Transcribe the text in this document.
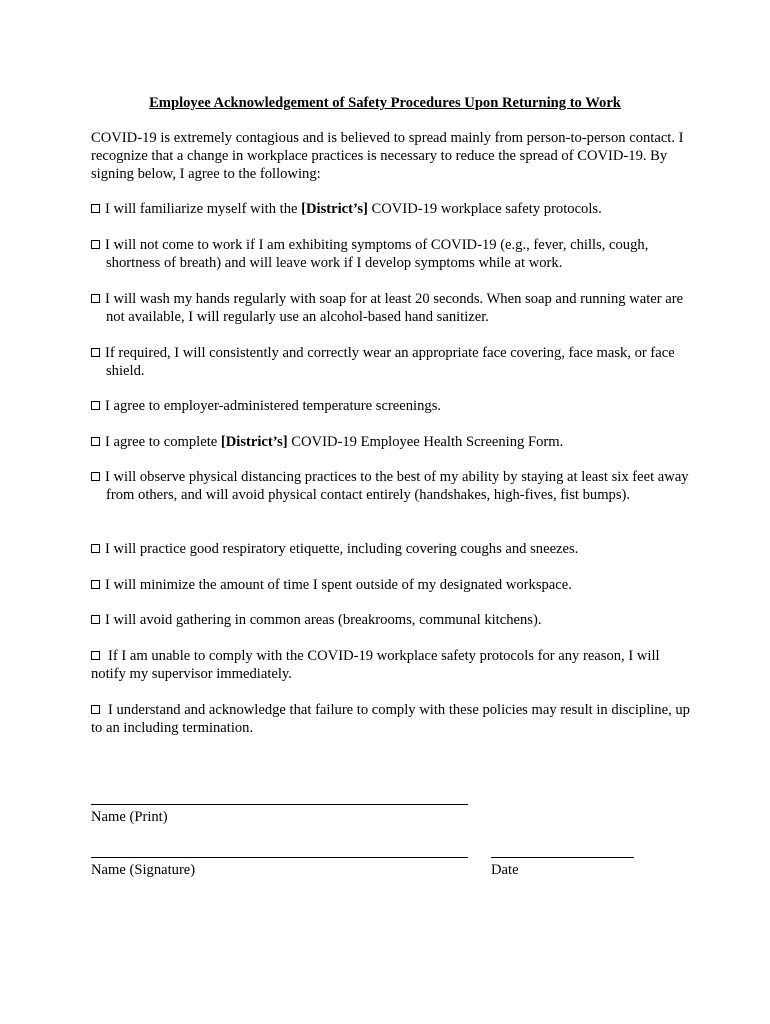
Employee Acknowledgement of Safety Procedures Upon Returning to Work
COVID-19 is extremely contagious and is believed to spread mainly from person-to-person contact. I recognize that a change in workplace practices is necessary to reduce the spread of COVID-19. By signing below, I agree to the following:
I will familiarize myself with the [District’s] COVID-19 workplace safety protocols.
I will not come to work if I am exhibiting symptoms of COVID-19 (e.g., fever, chills, cough, shortness of breath) and will leave work if I develop symptoms while at work.
I will wash my hands regularly with soap for at least 20 seconds. When soap and running water are not available, I will regularly use an alcohol-based hand sanitizer.
If required, I will consistently and correctly wear an appropriate face covering, face mask, or face shield.
I agree to employer-administered temperature screenings.
I agree to complete [District’s] COVID-19 Employee Health Screening Form.
I will observe physical distancing practices to the best of my ability by staying at least six feet away from others, and will avoid physical contact entirely (handshakes, high-fives, fist bumps).
I will practice good respiratory etiquette, including covering coughs and sneezes.
I will minimize the amount of time I spent outside of my designated workspace.
I will avoid gathering in common areas (breakrooms, communal kitchens).
If I am unable to comply with the COVID-19 workplace safety protocols for any reason, I will notify my supervisor immediately.
I understand and acknowledge that failure to comply with these policies may result in discipline, up to an including termination.
Name (Print)
Name (Signature)	Date
